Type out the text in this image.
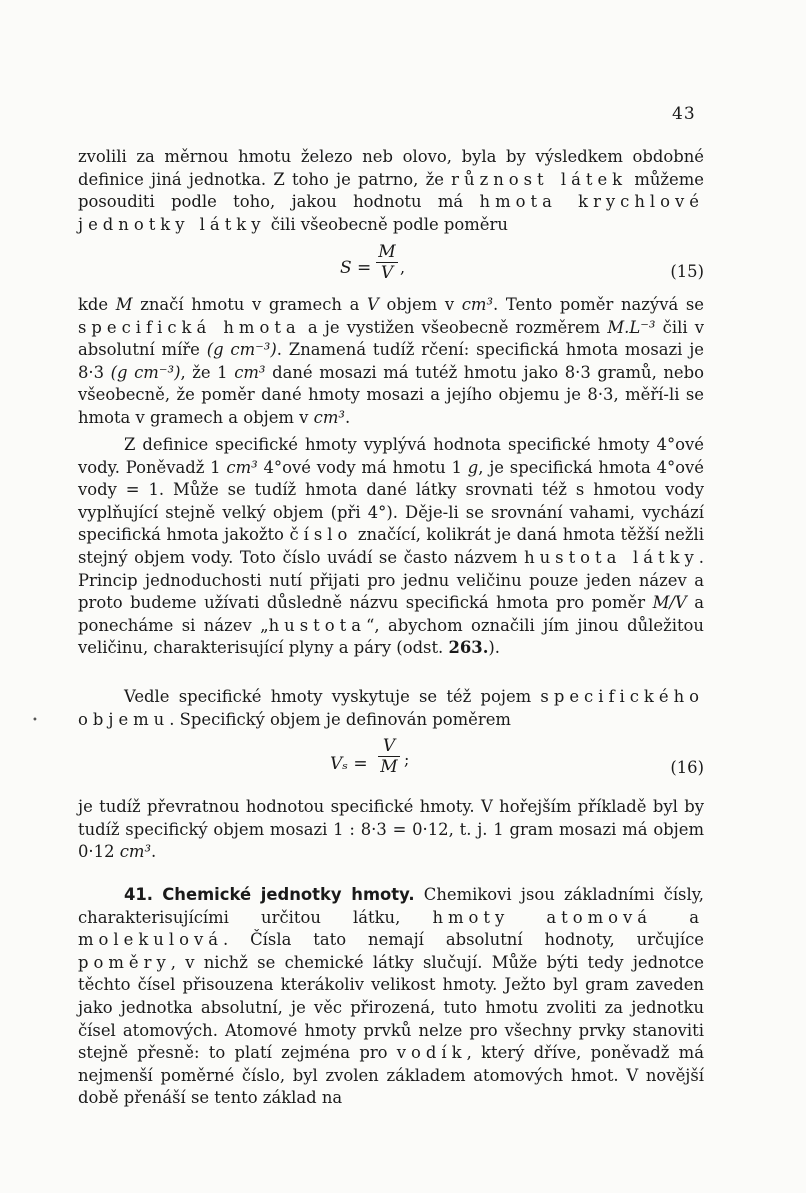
43

zvolili za měrnou hmotu železo neb olovo, byla by výsledkem obdobné definice jiná jednotka. Z toho je patrno, že různost látek můžeme posouditi podle toho, jakou hodnotu má hmota krychlové jednotky látky čili všeobecně podle poměru

$S = \frac{M}{V}$ ,	(15)

kde M značí hmotu v gramech a V objem v cm³. Tento poměr nazývá se specifická hmota a je vystižen všeobecně rozměrem M.L⁻³ čili v absolutní míře (g cm⁻³). Znamená tudíž rčení: specifická hmota mosazi je 8·3 (g cm⁻³), že 1 cm³ dané mosazi má tutéž hmotu jako 8·3 gramů, nebo všeobecně, že poměr dané hmoty mosazi a jejího objemu je 8·3, měří-li se hmota v gramech a objem v cm³.

Z definice specifické hmoty vyplývá hodnota specifické hmoty 4°ové vody. Poněvadž 1 cm³ 4°ové vody má hmotu 1 g, je specifická hmota 4°ové vody = 1. Může se tudíž hmota dané látky srovnati též s hmotou vody vyplňující stejně velký objem (při 4°). Děje-li se srovnání vahami, vychází specifická hmota jakožto číslo značící, kolikrát je daná hmota těžší nežli stejný objem vody. Toto číslo uvádí se často názvem hustota látky. Princip jednoduchosti nutí přijati pro jednu veličinu pouze jeden název a proto budeme užívati důsledně názvu specifická hmota pro poměr M/V a ponecháme si název „hustota“, abychom označili jím jinou důležitou veličinu, charakterisující plyny a páry (odst. 263.).

•

Vedle specifické hmoty vyskytuje se též pojem specifického objemu. Specifický objem je definován poměrem

$V_s = \frac{V}{M}$ ;	(16)

je tudíž převratnou hodnotou specifické hmoty. V hořejším příkladě byl by tudíž specifický objem mosazi 1 : 8·3 = 0·12, t. j. 1 gram mosazi má objem 0·12 cm³.

41. Chemické jednotky hmoty. Chemikovi jsou základními čísly, charakterisujícími určitou látku, hmoty atomová a molekulová. Čísla tato nemají absolutní hodnoty, určujíce poměry, v nichž se chemické látky slučují. Může býti tedy jednotce těchto čísel přisouzena kterákoliv velikost hmoty. Ježto byl gram zaveden jako jednotka absolutní, je věc přirozená, tuto hmotu zvoliti za jednotku čísel atomových. Atomové hmoty prvků nelze pro všechny prvky stanoviti stejně přesně: to platí zejména pro vodík, který dříve, poněvadž má nejmenší poměrné číslo, byl zvolen základem atomových hmot. V novější době přenáší se tento základ na
